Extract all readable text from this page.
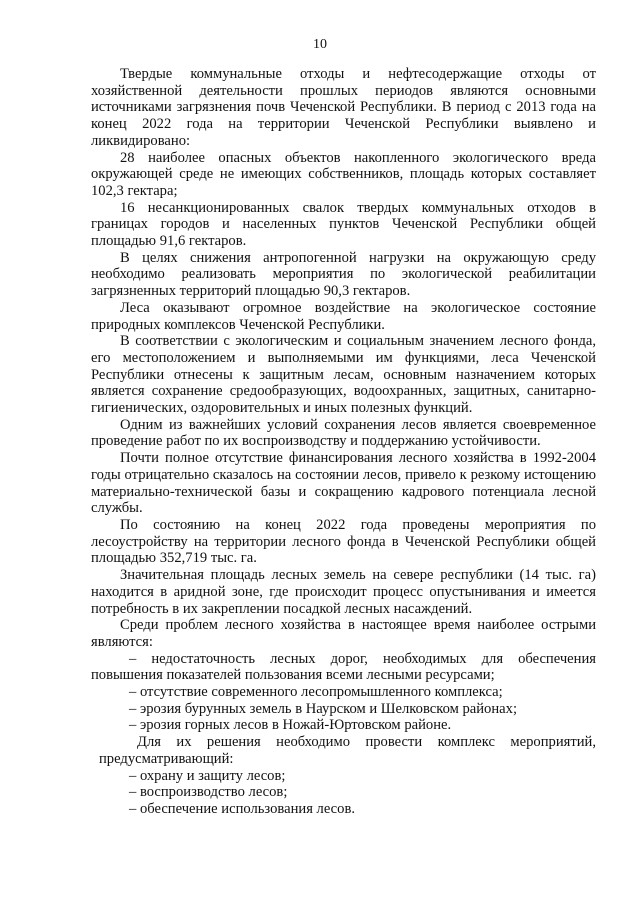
10

Твердые коммунальные отходы и нефтесодержащие отходы от хозяйственной деятельности прошлых периодов являются основными источниками загрязнения почв Чеченской Республики. В период с 2013 года на конец 2022 года на территории Чеченской Республики выявлено и ликвидировано:

28 наиболее опасных объектов накопленного экологического вреда окружающей среде не имеющих собственников, площадь которых составляет 102,3 гектара;

16 несанкционированных свалок твердых коммунальных отходов в границах городов и населенных пунктов Чеченской Республики общей площадью 91,6 гектаров.

В целях снижения антропогенной нагрузки на окружающую среду необходимо реализовать мероприятия по экологической реабилитации загрязненных территорий площадью 90,3 гектаров.

Леса оказывают огромное воздействие на экологическое состояние природных комплексов Чеченской Республики.

В соответствии с экологическим и социальным значением лесного фонда, его местоположением и выполняемыми им функциями, леса Чеченской Республики отнесены к защитным лесам, основным назначением которых является сохранение средообразующих, водоохранных, защитных, санитарно-гигиенических, оздоровительных и иных полезных функций.

Одним из важнейших условий сохранения лесов является своевременное проведение работ по их воспроизводству и поддержанию устойчивости.

Почти полное отсутствие финансирования лесного хозяйства в 1992-2004 годы отрицательно сказалось на состоянии лесов, привело к резкому истощению материально-технической базы и сокращению кадрового потенциала лесной службы.

По состоянию на конец 2022 года проведены мероприятия по лесоустройству на территории лесного фонда в Чеченской Республики общей площадью 352,719 тыс. га.

Значительная площадь лесных земель на севере республики (14 тыс. га) находится в аридной зоне, где происходит процесс опустынивания и имеется потребность в их закреплении посадкой лесных насаждений.

Среди проблем лесного хозяйства в настоящее время наиболее острыми являются:

– недостаточность лесных дорог, необходимых для обеспечения повышения показателей пользования всеми лесными ресурсами;

– отсутствие современного лесопромышленного комплекса;

– эрозия бурунных земель в Наурском и Шелковском районах;

– эрозия горных лесов в Ножай-Юртовском районе.

Для их решения необходимо провести комплекс мероприятий, предусматривающий:

– охрану и защиту лесов;

– воспроизводство лесов;

– обеспечение использования лесов.
